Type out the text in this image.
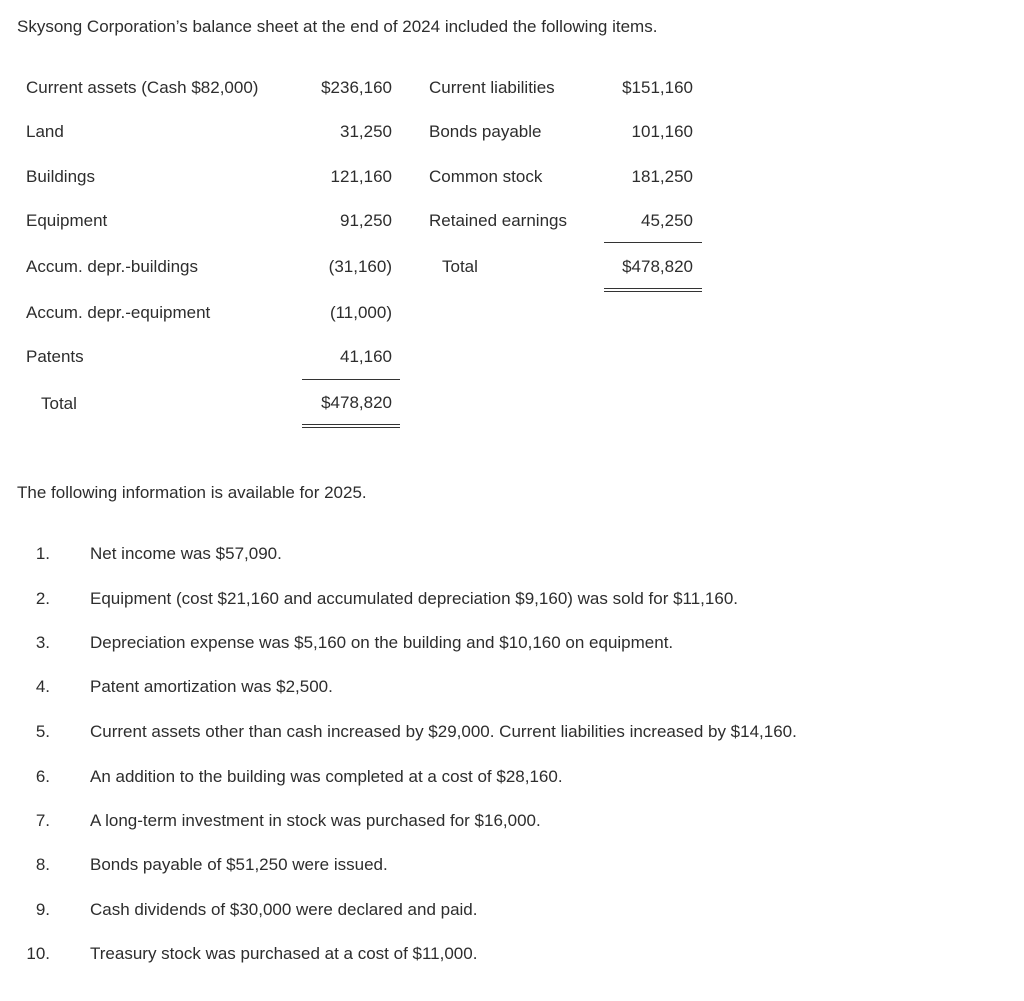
Skysong Corporation’s balance sheet at the end of 2024 included the following items.
Current assets (Cash $82,000)	$236,160
Land	31,250
Buildings	121,160
Equipment	91,250
Accum. depr.-buildings	(31,160)
Accum. depr.-equipment	(11,000)
Patents	41,160
Total	$478,820
Current liabilities	$151,160
Bonds payable	101,160
Common stock	181,250
Retained earnings	45,250
Total	$478,820
The following information is available for 2025.
1. Net income was $57,090.
2. Equipment (cost $21,160 and accumulated depreciation $9,160) was sold for $11,160.
3. Depreciation expense was $5,160 on the building and $10,160 on equipment.
4. Patent amortization was $2,500.
5. Current assets other than cash increased by $29,000. Current liabilities increased by $14,160.
6. An addition to the building was completed at a cost of $28,160.
7. A long-term investment in stock was purchased for $16,000.
8. Bonds payable of $51,250 were issued.
9. Cash dividends of $30,000 were declared and paid.
10. Treasury stock was purchased at a cost of $11,000.
